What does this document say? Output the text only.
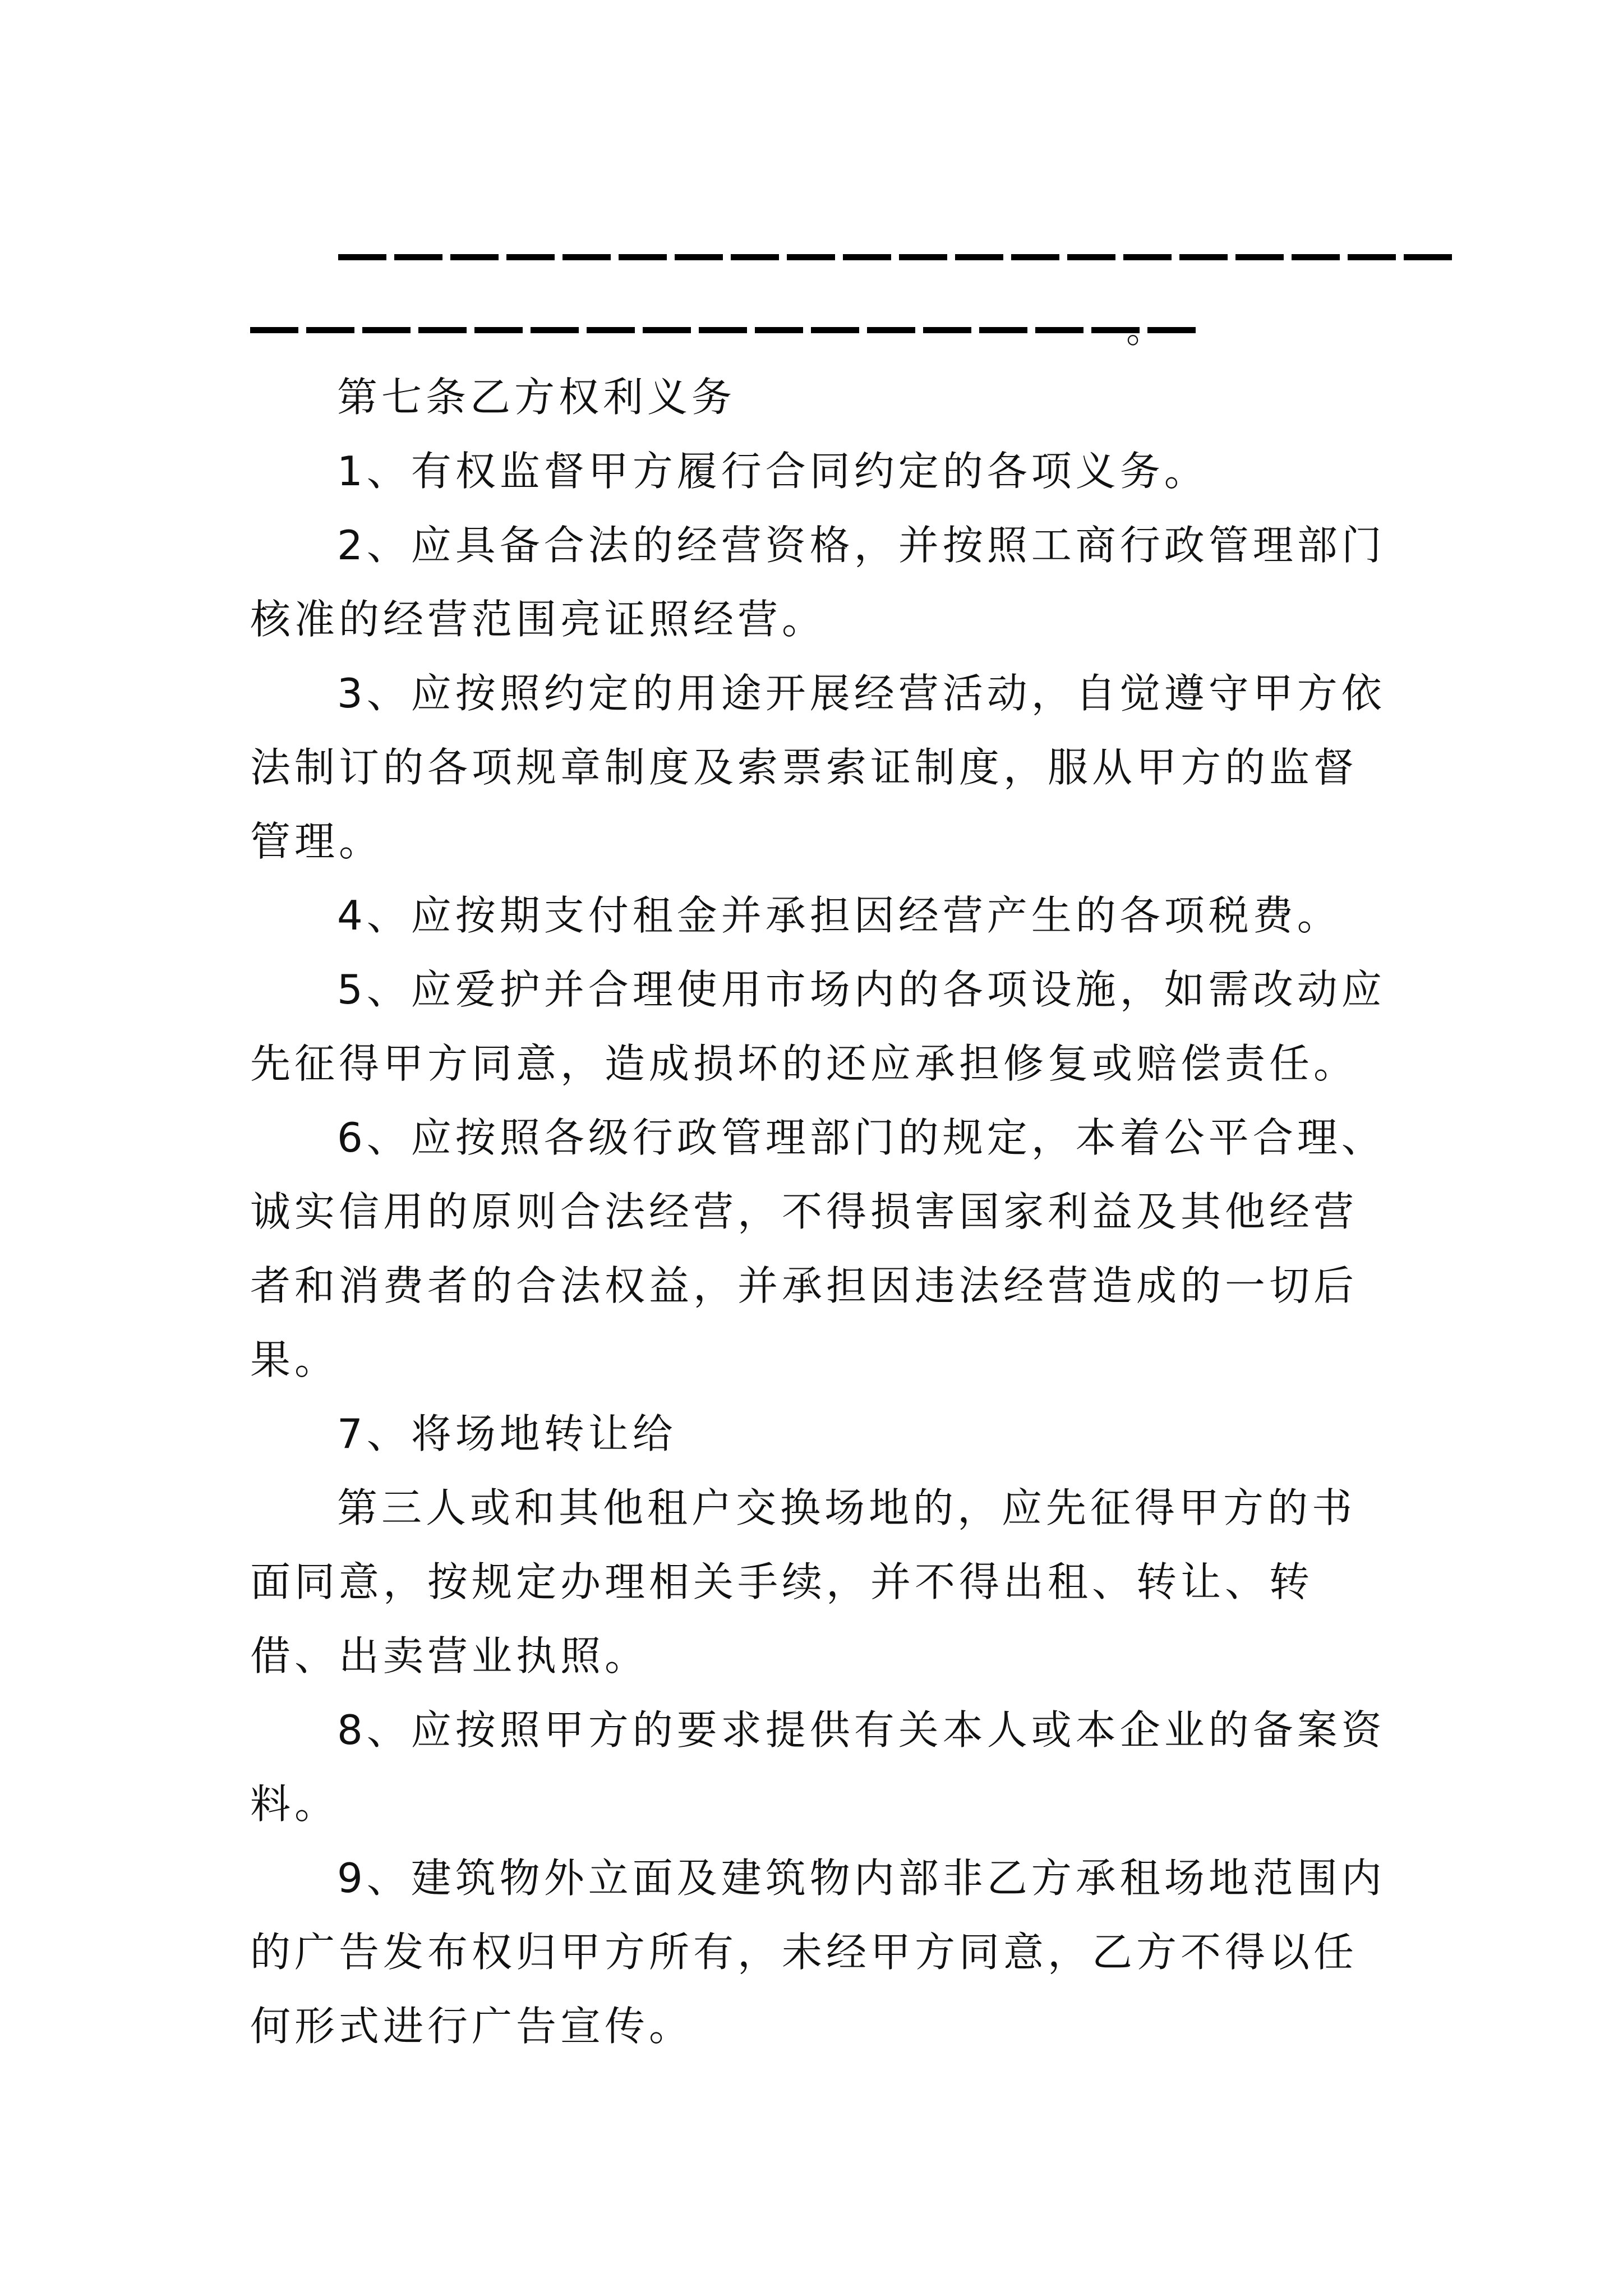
。

第七条乙方权利义务

1、有权监督甲方履行合同约定的各项义务。

2、应具备合法的经营资格，并按照工商行政管理部门核准的经营范围亮证照经营。

3、应按照约定的用途开展经营活动，自觉遵守甲方依法制订的各项规章制度及索票索证制度，服从甲方的监督管理。

4、应按期支付租金并承担因经营产生的各项税费。

5、应爱护并合理使用市场内的各项设施，如需改动应先征得甲方同意，造成损坏的还应承担修复或赔偿责任。

6、应按照各级行政管理部门的规定，本着公平合理、诚实信用的原则合法经营，不得损害国家利益及其他经营者和消费者的合法权益，并承担因违法经营造成的一切后果。

7、将场地转让给

第三人或和其他租户交换场地的，应先征得甲方的书面同意，按规定办理相关手续，并不得出租、转让、转借、出卖营业执照。

8、应按照甲方的要求提供有关本人或本企业的备案资料。

9、建筑物外立面及建筑物内部非乙方承租场地范围内的广告发布权归甲方所有，未经甲方同意，乙方不得以任何形式进行广告宣传。
